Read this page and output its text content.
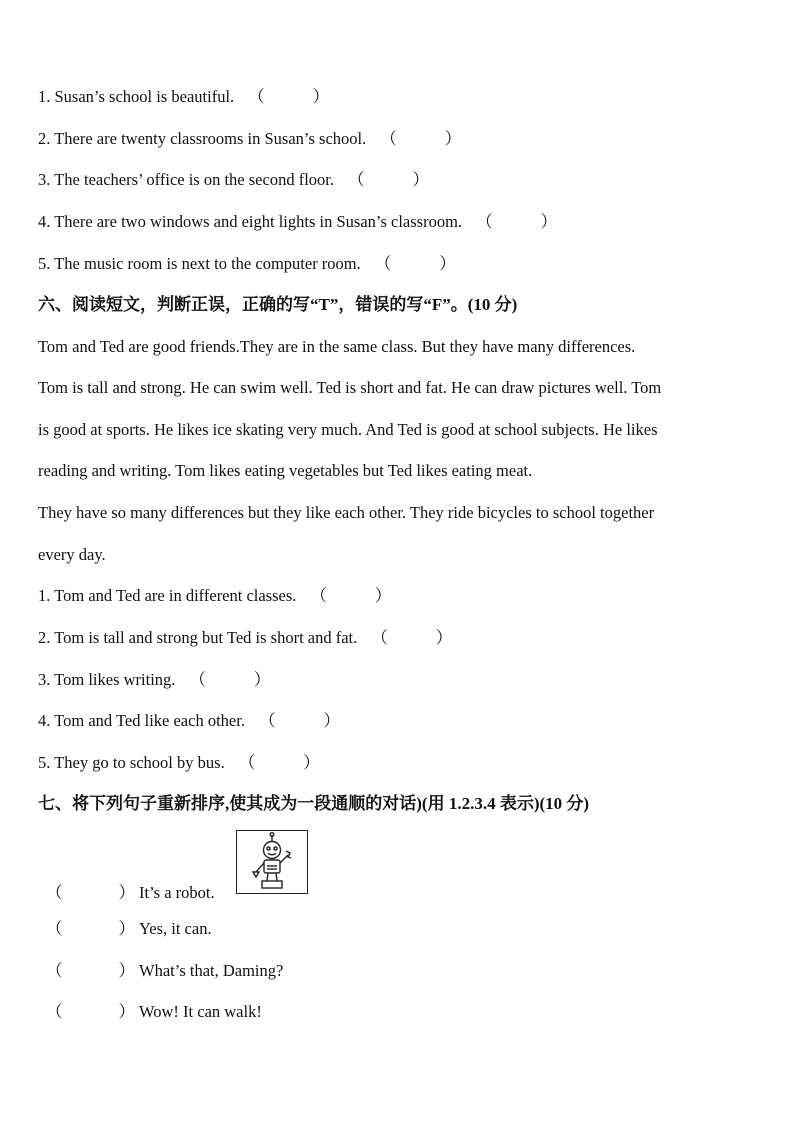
1. Susan’s school is beautiful. （	）
2. There are twenty classrooms in Susan’s school. （	）
3. The teachers’ office is on the second floor. （	）
4. There are two windows and eight lights in Susan’s classroom. （	）
5. The music room is next to the computer room. （	）
六、阅读短文，判断正误，正确的写“T”，错误的写“F”。(10 分)
Tom and Ted are good friends.They are in the same class. But they have many differences.
Tom is tall and strong. He can swim well. Ted is short and fat. He can draw pictures well. Tom
is good at sports. He likes ice skating very much. And Ted is good at school subjects. He likes
reading and writing. Tom likes eating vegetables but Ted likes eating meat.
They have so many differences but they like each other. They ride bicycles to school together
every day.
1. Tom and Ted are in different classes. （	）
2. Tom is tall and strong but Ted is short and fat. （	）
3. Tom likes writing. （	）
4. Tom and Ted like each other. （	）
5. They go to school by bus. （	）
七、将下列句子重新排序,使其成为一段通顺的对话)(用 1.2.3.4 表示)(10 分)
（	） It’s a robot.
（	） Yes, it can.
（	） What’s that, Daming?
（	） Wow! It can walk!
